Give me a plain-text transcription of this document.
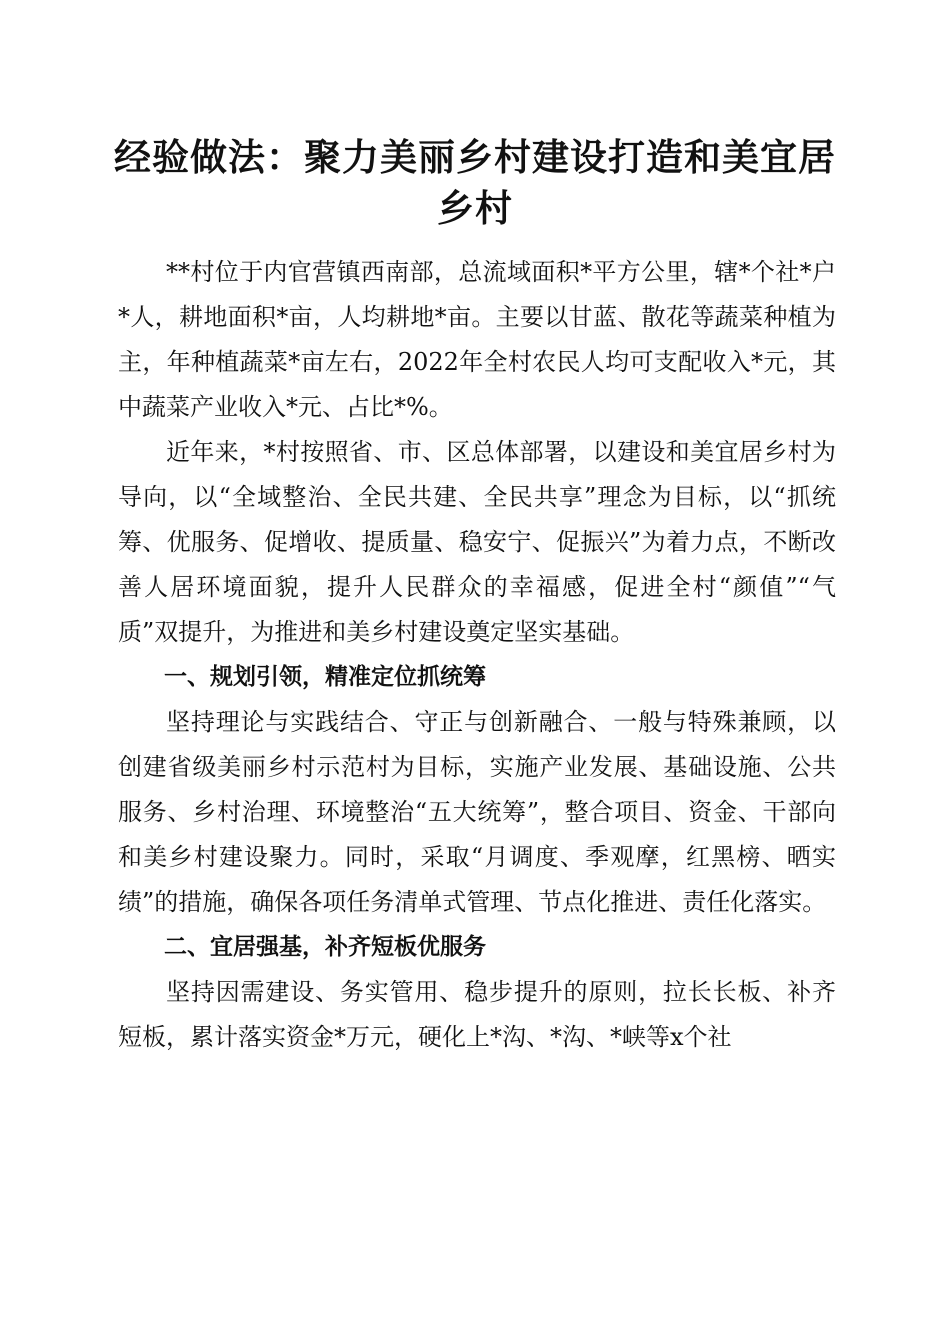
经验做法：聚力美丽乡村建设打造和美宜居乡村

**村位于内官营镇西南部，总流域面积*平方公里，辖*个社*户*人，耕地面积*亩，人均耕地*亩。主要以甘蓝、散花等蔬菜种植为主，年种植蔬菜*亩左右，2022年全村农民人均可支配收入*元，其中蔬菜产业收入*元、占比*%。

近年来，*村按照省、市、区总体部署，以建设和美宜居乡村为导向，以“全域整治、全民共建、全民共享”理念为目标，以“抓统筹、优服务、促增收、提质量、稳安宁、促振兴”为着力点，不断改善人居环境面貌，提升人民群众的幸福感，促进全村“颜值”“气质”双提升，为推进和美乡村建设奠定坚实基础。

一、规划引领，精准定位抓统筹

坚持理论与实践结合、守正与创新融合、一般与特殊兼顾，以创建省级美丽乡村示范村为目标，实施产业发展、基础设施、公共服务、乡村治理、环境整治“五大统筹”，整合项目、资金、干部向和美乡村建设聚力。同时，采取“月调度、季观摩，红黑榜、晒实绩”的措施，确保各项任务清单式管理、节点化推进、责任化落实。

二、宜居强基，补齐短板优服务

坚持因需建设、务实管用、稳步提升的原则，拉长长板、补齐短板，累计落实资金*万元，硬化上*沟、*沟、*峡等x个社
